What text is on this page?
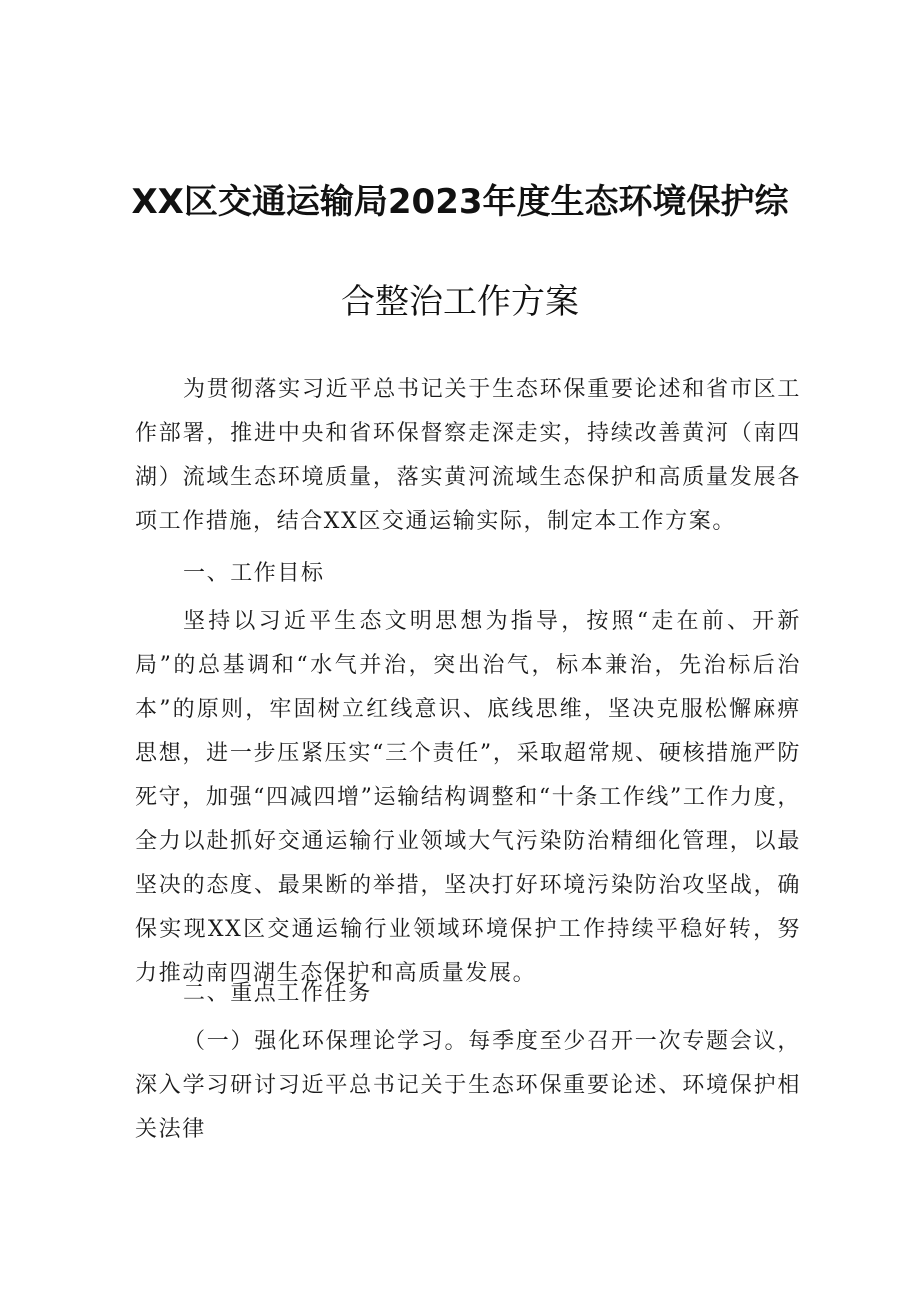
XX区交通运输局2023年度生态环境保护综
合整治工作方案

为贯彻落实习近平总书记关于生态环保重要论述和省市区工作部署，推进中央和省环保督察走深走实，持续改善黄河（南四湖）流域生态环境质量，落实黄河流域生态保护和高质量发展各项工作措施，结合XX区交通运输实际，制定本工作方案。

一、工作目标

坚持以习近平生态文明思想为指导，按照“走在前、开新局”的总基调和“水气并治，突出治气，标本兼治，先治标后治本”的原则，牢固树立红线意识、底线思维，坚决克服松懈麻痹思想，进一步压紧压实“三个责任”，采取超常规、硬核措施严防死守，加强“四减四增”运输结构调整和“十条工作线”工作力度，全力以赴抓好交通运输行业领域大气污染防治精细化管理，以最坚决的态度、最果断的举措，坚决打好环境污染防治攻坚战，确保实现XX区交通运输行业领域环境保护工作持续平稳好转，努力推动南四湖生态保护和高质量发展。

二、重点工作任务

（一）强化环保理论学习。每季度至少召开一次专题会议，深入学习研讨习近平总书记关于生态环保重要论述、环境保护相关法律
